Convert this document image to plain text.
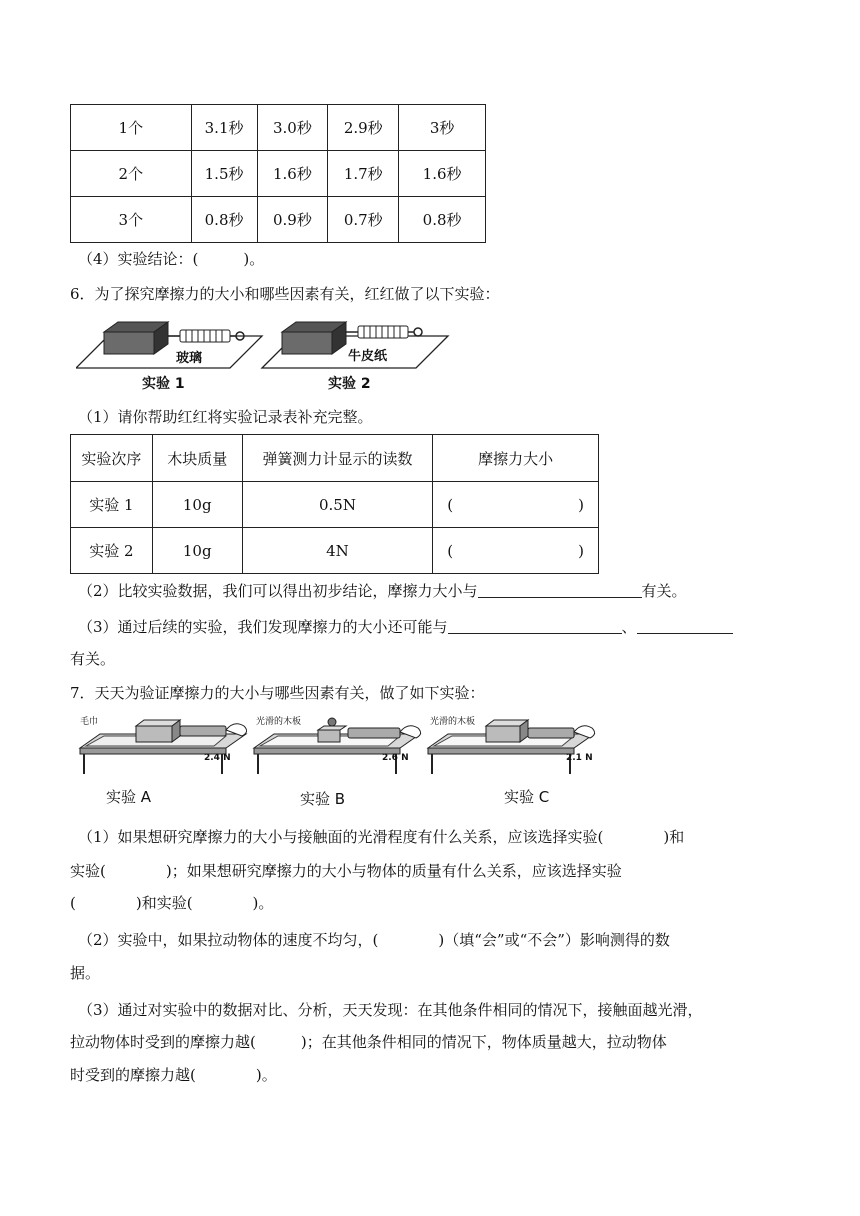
1个	3.1秒	3.0秒	2.9秒	3秒
2个	1.5秒	1.6秒	1.7秒	1.6秒
3个	0.8秒	0.9秒	0.7秒	0.8秒
（4）实验结论：(　　　)。
6．为了探究摩擦力的大小和哪些因素有关，红红做了以下实验：
玻璃
实验 1
牛皮纸
实验 2
（1）请你帮助红红将实验记录表补充完整。
实验次序	木块质量	弹簧测力计显示的读数	摩擦力大小
实验 1	10g	0.5N	( )

实验 2	10g	4N	( )
（2）比较实验数据，我们可以得出初步结论，摩擦力大小与	有关。
（3）通过后续的实验，我们发现摩擦力的大小还可能与	、
有关。
7．天天为验证摩擦力的大小与哪些因素有关，做了如下实验：
毛巾
2.4 N
实验 A
光滑的木板
2.6 N
实验 B
光滑的木板
2.1 N
实验 C
（1）如果想研究摩擦力的大小与接触面的光滑程度有什么关系，应该选择实验(　　　　)和
实验(　　　　)；如果想研究摩擦力的大小与物体的质量有什么关系，应该选择实验
(　　　　)和实验(　　　　)。
（2）实验中，如果拉动物体的速度不均匀，(　　　　)（填“会”或“不会”）影响测得的数
据。
（3）通过对实验中的数据对比、分析，天天发现：在其他条件相同的情况下，接触面越光滑，
拉动物体时受到的摩擦力越(　　　)；在其他条件相同的情况下，物体质量越大，拉动物体
时受到的摩擦力越(　　　　)。
